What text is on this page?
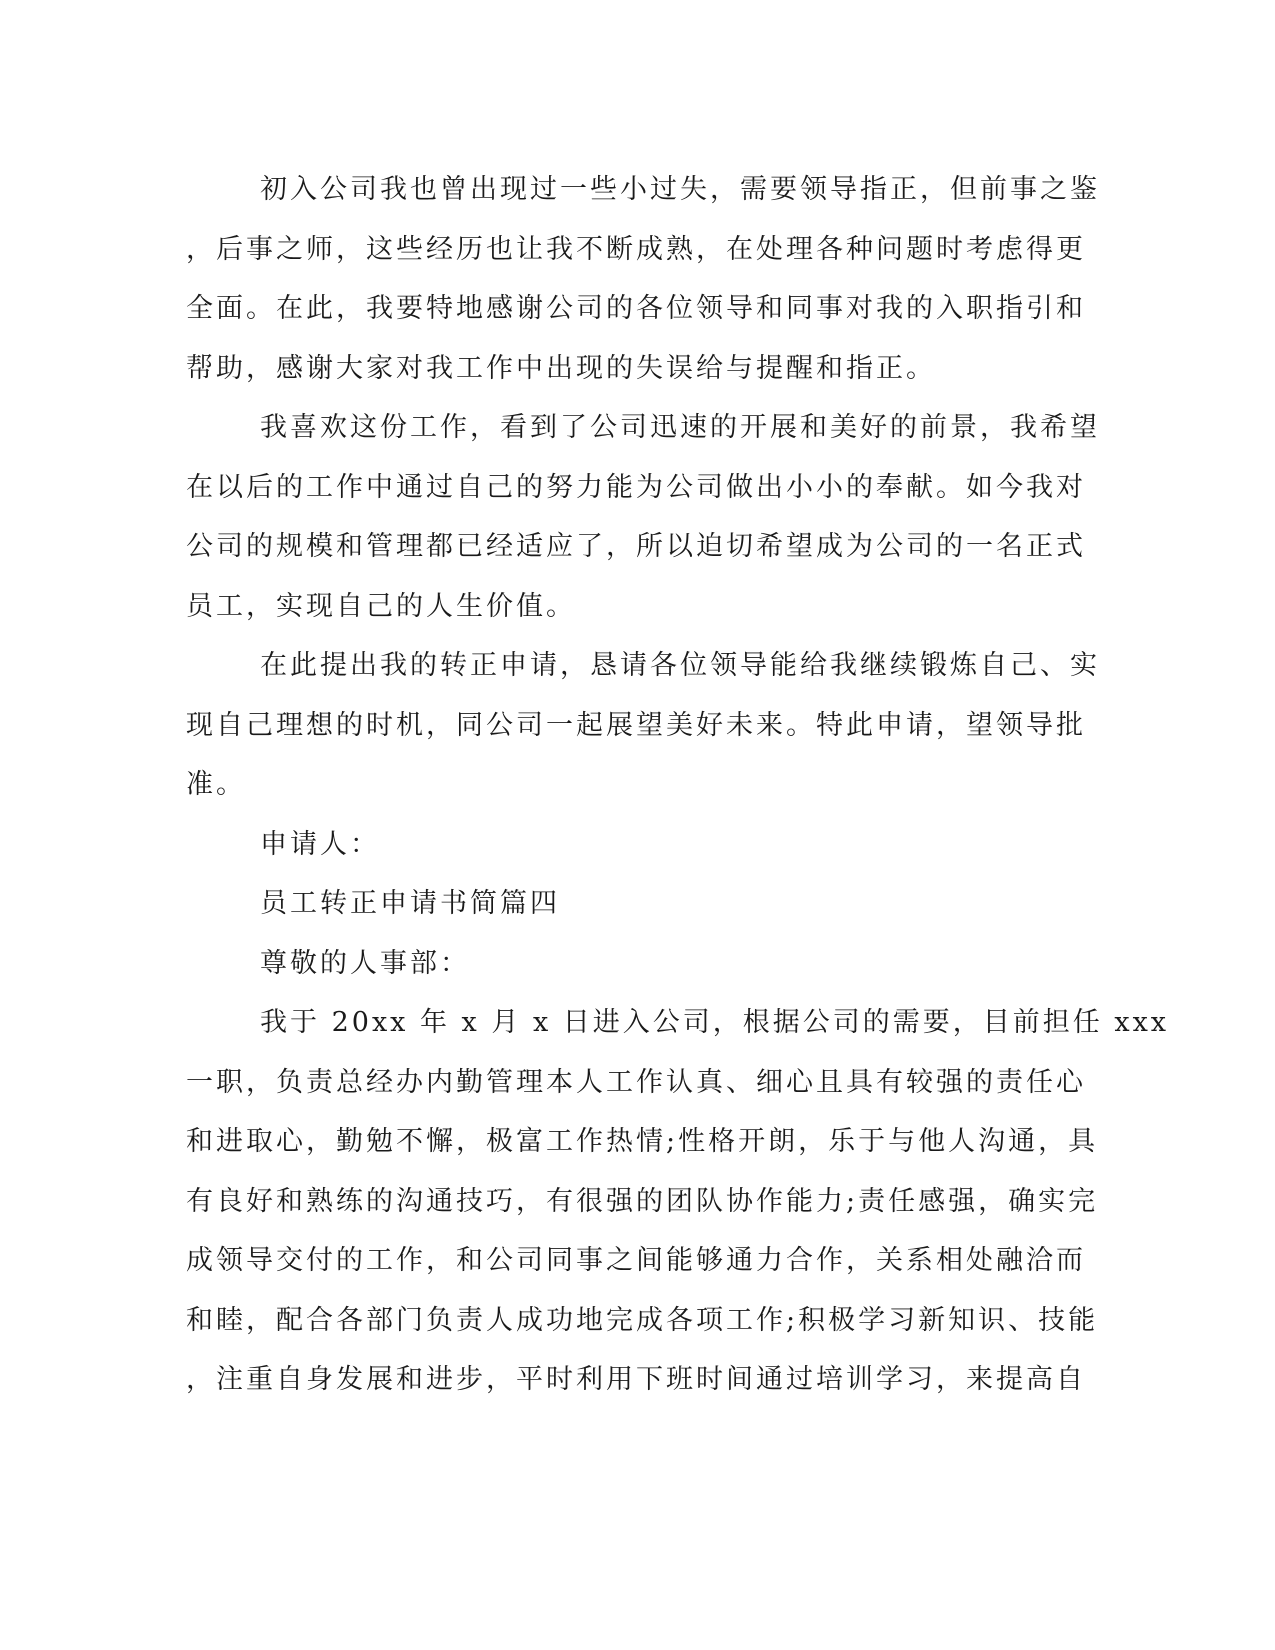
初入公司我也曾出现过一些小过失，需要领导指正，但前事之鉴
，后事之师，这些经历也让我不断成熟，在处理各种问题时考虑得更
全面。在此，我要特地感谢公司的各位领导和同事对我的入职指引和
帮助，感谢大家对我工作中出现的失误给与提醒和指正。
我喜欢这份工作，看到了公司迅速的开展和美好的前景，我希望
在以后的工作中通过自己的努力能为公司做出小小的奉献。如今我对
公司的规模和管理都已经适应了，所以迫切希望成为公司的一名正式
员工，实现自己的人生价值。
在此提出我的转正申请，恳请各位领导能给我继续锻炼自己、实
现自己理想的时机，同公司一起展望美好未来。特此申请，望领导批
准。
申请人：
员工转正申请书简篇四
尊敬的人事部：
我于 20xx 年 x 月 x 日进入公司，根据公司的需要，目前担任 xxx
一职，负责总经办内勤管理本人工作认真、细心且具有较强的责任心
和进取心，勤勉不懈，极富工作热情;性格开朗，乐于与他人沟通，具
有良好和熟练的沟通技巧，有很强的团队协作能力;责任感强，确实完
成领导交付的工作，和公司同事之间能够通力合作，关系相处融洽而
和睦，配合各部门负责人成功地完成各项工作;积极学习新知识、技能
，注重自身发展和进步，平时利用下班时间通过培训学习，来提高自
